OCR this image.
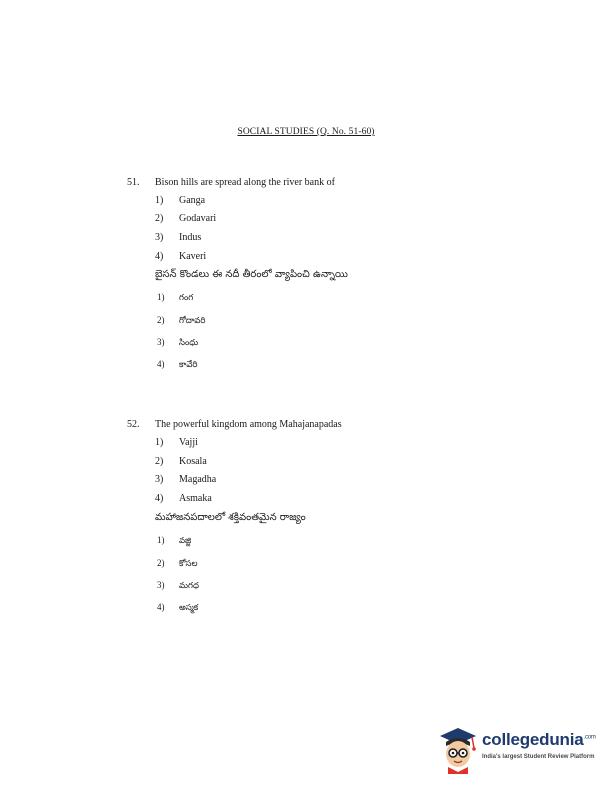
SOCIAL STUDIES (Q. No. 51-60)
51. Bison hills are spread along the river bank of
1) Ganga
2) Godavari
3) Indus
4) Kaveri
బైసన్ కొండలు ఈ నదీ తీరంలో వ్యాపించి ఉన్నాయి
1) గంగ
2) గోదావరి
3) సింధు
4) కావేరి
52. The powerful kingdom among Mahajanapadas
1) Vajji
2) Kosala
3) Magadha
4) Asmaka
మహాజనపదాలలో శక్తివంతమైన రాజ్యం
1) వజ్జి
2) కోసల
3) మగధ
4) అస్మక
collegedunia$^{.com}$
India's largest Student Review Platform
